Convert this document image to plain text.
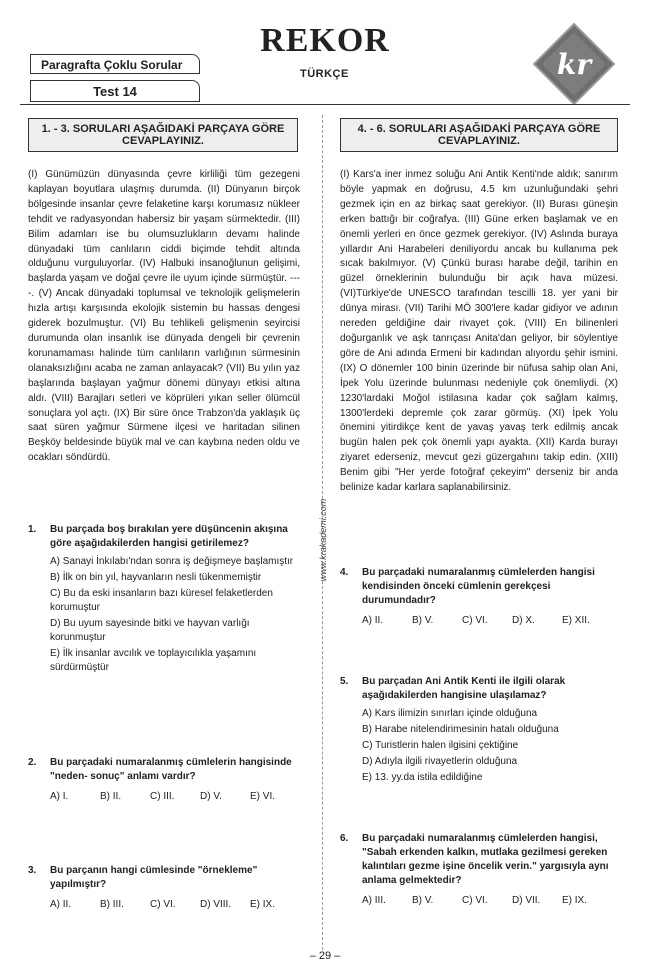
Paragrafta Çoklu Sorular
Test 14
REKOR
TÜRKÇE	kr
www.krakademi.com
1. - 3. SORULARI AŞAĞIDAKİ PARÇAYA GÖRE CEVAPLAYINIZ.
(I) Günümüzün dünyasında çevre kirliliği tüm gezegeni kaplayan boyutlara ulaşmış durumda. (II) Dünyanın birçok bölgesinde insanlar çevre felaketine karşı korumasız nükleer tehdit ve radyasyondan habersiz bir yaşam sürmektedir. (III) Bilim adamları ise bu olumsuzlukların devamı halinde dünyadaki tüm canlıların ciddi biçimde tehdit altında olduğunu vurguluyorlar. (IV) Halbuki insanoğlunun gelişimi, başlarda yaşam ve doğal çevre ile uyum içinde sürmüştür. ----. (V) Ancak dünyadaki toplumsal ve teknolojik gelişmelerin hızla artışı karşısında ekolojik sistemin bu hassas dengesi giderek bozulmuştur. (VI) Bu tehlikeli gelişmenin seyircisi durumunda olan insanlık ise dünyada dengeli bir çevrenin korunamaması halinde tüm canlıların varlığının sürmesinin olanaksızlığını acaba ne zaman anlayacak? (VII) Bu yılın yaz başlarında başlayan yağmur dönemi dünyayı etkisi altına aldı. (VIII) Barajları setleri ve köprüleri yıkan seller ölümcül sonuçlara yol açtı. (IX) Bir süre önce Trabzon'da yaklaşık üç saat süren yağmur Sürmene ilçesi ve haritadan silinen Beşköy beldesinde büyük mal ve can kaybına neden oldu ve ocakları söndürdü.
1. Bu parçada boş bırakılan yere düşüncenin akışına göre aşağıdakilerden hangisi getirilemez?
A) Sanayi İnkılabı'ndan sonra iş değişmeye başlamıştır
B) İlk on bin yıl, hayvanların nesli tükenmemiştir
C) Bu da eski insanların bazı küresel felaketlerden korumuştur
D) Bu uyum sayesinde bitki ve hayvan varlığı korunmuştur
E) İlk insanlar avcılık ve toplayıcılıkla yaşamını sürdürmüştür
2. Bu parçadaki numaralanmış cümlelerin hangisinde "neden- sonuç" anlamı vardır?
A) I.	B) II.	C) III.	D) V.	E) VI.
3. Bu parçanın hangi cümlesinde "örnekleme" yapılmıştır?
A) II.	B) III.	C) VI.	D) VIII.	E) IX.
4. - 6. SORULARI AŞAĞIDAKİ PARÇAYA GÖRE CEVAPLAYINIZ.
(I) Kars'a iner inmez soluğu Ani Antik Kenti'nde aldık; sanırım böyle yapmak en doğrusu, 4.5 km uzunluğundaki şehri gezmek için en az birkaç saat gerekiyor. (II) Burası güneşin erken battığı bir coğrafya. (III) Güne erken başlamak ve en önemli yerleri en önce gezmek gerekiyor. (IV) Aslında buraya yıllardır Ani Harabeleri deniliyordu ancak bu kullanıma pek sıcak bakılmıyor. (V) Çünkü burası harabe değil, tarihin en güzel örneklerinin bulunduğu bir açık hava müzesi. (VI)Türkiye'de UNESCO tarafından tescilli 18. yer yani bir dünya mirası. (VII) Tarihi MÖ 300'lere kadar gidiyor ve adının nereden geldiğine dair rivayet çok. (VIII) En bilinenleri doğurganlık ve aşk tanrıçası Anita'dan geliyor, bir söylentiye göre de Ani adında Ermeni bir kadından alıyordu şehir ismini. (IX) O dönemler 100 binin üzerinde bir nüfusa sahip olan Ani, İpek Yolu üzerinde bulunması nedeniyle çok önemliydi. (X) 1230'lardaki Moğol istilasına kadar çok sağlam kalmış, 1300'lerdeki depremle çok zarar görmüş. (XI) İpek Yolu önemini yitirdikçe kent de yavaş yavaş terk edilmiş ancak bugün halen pek çok önemli yapı ayakta. (XII) Karda burayı ziyaret ederseniz, mevcut gezi güzergahını takip edin. (XIII) Benim gibi "Her yerde fotoğraf çekeyim" derseniz bir anda belinize kadar karlara saplanabilirsiniz.
4. Bu parçadaki numaralanmış cümlelerden hangisi kendisinden önceki cümlenin gerekçesi durumundadır?
A) II.	B) V.	C) VI.	D) X.	E) XII.
5. Bu parçadan Ani Antik Kenti ile ilgili olarak aşağıdakilerden hangisine ulaşılamaz?
A) Kars ilimizin sınırları içinde olduğuna
B) Harabe nitelendirimesinin hatalı olduğuna
C) Turistlerin halen ilgisini çektiğine
D) Adıyla ilgili rivayetlerin olduğuna
E) 13. yy.da istila edildiğine
6. Bu parçadaki numaralanmış cümlelerden hangisi, "Sabah erkenden kalkın, mutlaka gezilmesi gereken kalıntıları gezme işine öncelik verin." yargısıyla aynı anlama gelmektedir?
A) III.	B) V.	C) VI.	D) VII.	E) IX.
– 29 –
